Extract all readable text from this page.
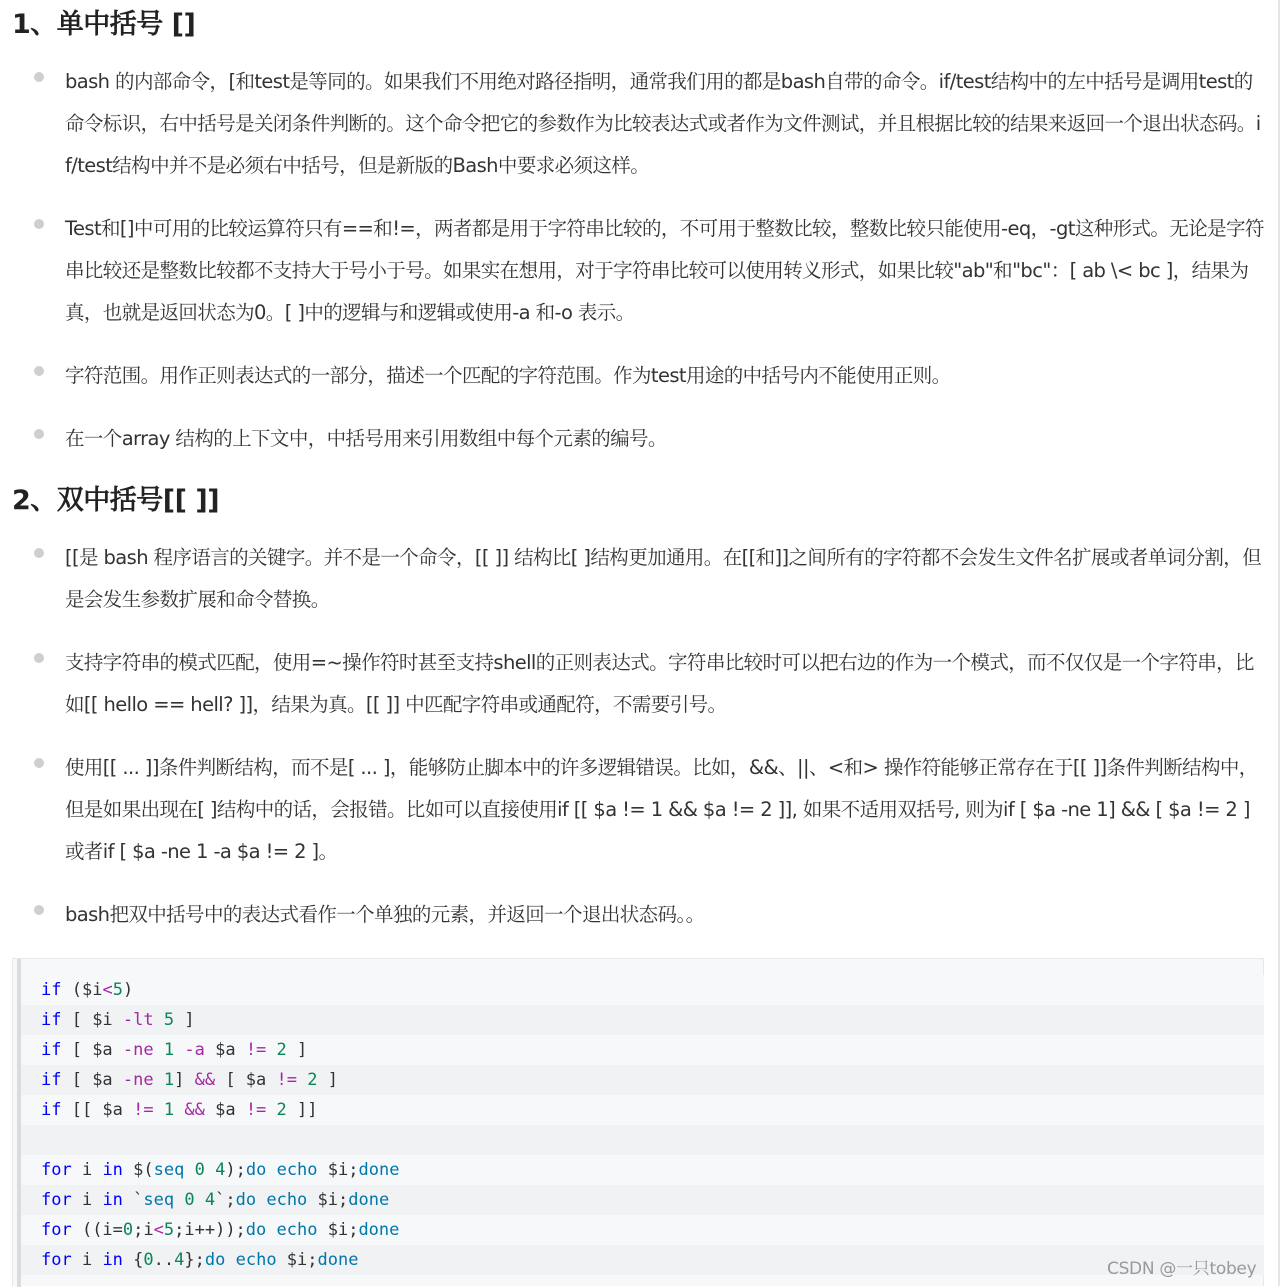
1、单中括号 []
bash 的内部命令，[和test是等同的。如果我们不用绝对路径指明，通常我们用的都是bash自带的命令。if/test结构中的左中括号是调用test的命令标识，右中括号是关闭条件判断的。这个命令把它的参数作为比较表达式或者作为文件测试，并且根据比较的结果来返回一个退出状态码。if/test结构中并不是必须右中括号，但是新版的Bash中要求必须这样。
Test和[]中可用的比较运算符只有==和!=，两者都是用于字符串比较的，不可用于整数比较，整数比较只能使用-eq，-gt这种形式。无论是字符串比较还是整数比较都不支持大于号小于号。如果实在想用，对于字符串比较可以使用转义形式，如果比较"ab"和"bc"：[ ab \< bc ]，结果为真，也就是返回状态为0。[ ]中的逻辑与和逻辑或使用-a 和-o 表示。
字符范围。用作正则表达式的一部分，描述一个匹配的字符范围。作为test用途的中括号内不能使用正则。
在一个array 结构的上下文中，中括号用来引用数组中每个元素的编号。
2、双中括号[[ ]]
[[是 bash 程序语言的关键字。并不是一个命令，[[ ]] 结构比[ ]结构更加通用。在[[和]]之间所有的字符都不会发生文件名扩展或者单词分割，但是会发生参数扩展和命令替换。
支持字符串的模式匹配，使用=~操作符时甚至支持shell的正则表达式。字符串比较时可以把右边的作为一个模式，而不仅仅是一个字符串，比如[[ hello == hell? ]]，结果为真。[[ ]] 中匹配字符串或通配符，不需要引号。
使用[[ ... ]]条件判断结构，而不是[ ... ]，能够防止脚本中的许多逻辑错误。比如，&&、||、<和> 操作符能够正常存在于[[ ]]条件判断结构中，但是如果出现在[ ]结构中的话，会报错。比如可以直接使用if [[ $a != 1 && $a != 2 ]], 如果不适用双括号, 则为if [ $a -ne 1] && [ $a != 2 ]或者if [ $a -ne 1 -a $a != 2 ]。
bash把双中括号中的表达式看作一个单独的元素，并返回一个退出状态码。。
if ($i<5)
if [ $i -lt 5 ]
if [ $a -ne 1 -a $a != 2 ]
if [ $a -ne 1] && [ $a != 2 ]
if [[ $a != 1 && $a != 2 ]]
for i in $(seq 0 4);do echo $i;done
for i in `seq 0 4`;do echo $i;done
for ((i=0;i<5;i++));do echo $i;done
for i in {0..4};do echo $i;done	CSDN @一只tobey
